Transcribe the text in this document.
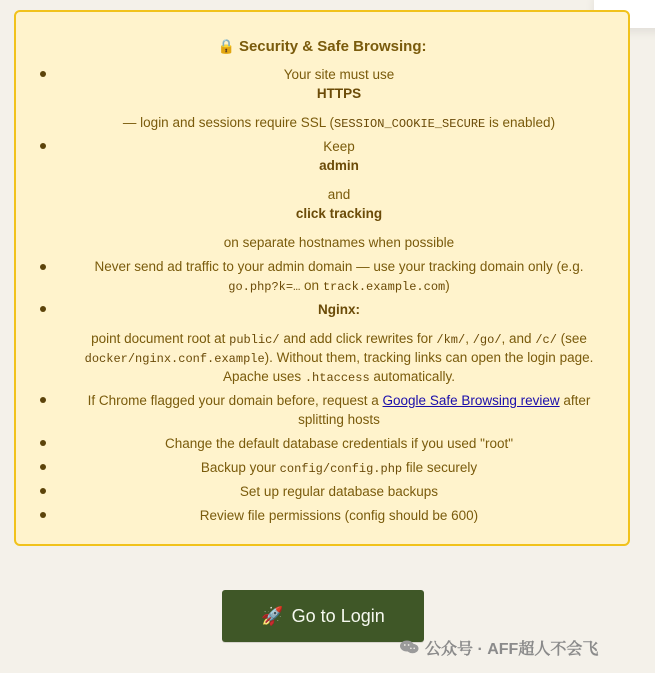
🔒 Security & Safe Browsing:
Your site must use
HTTPS
— login and sessions require SSL (SESSION_COOKIE_SECURE is enabled)
Keep
admin
and
click tracking
on separate hostnames when possible
Never send ad traffic to your admin domain — use your tracking domain only (e.g.
go.php?k=… on track.example.com)
Nginx:
point document root at public/ and add click rewrites for /km/, /go/, and /c/ (see
docker/nginx.conf.example). Without them, tracking links can open the login page.
Apache uses .htaccess automatically.
If Chrome flagged your domain before, request a Google Safe Browsing review after
splitting hosts
Change the default database credentials if you used "root"
Backup your config/config.php file securely
Set up regular database backups
Review file permissions (config should be 600)
🚀 Go to Login
公众号 · AFF超人不会飞
